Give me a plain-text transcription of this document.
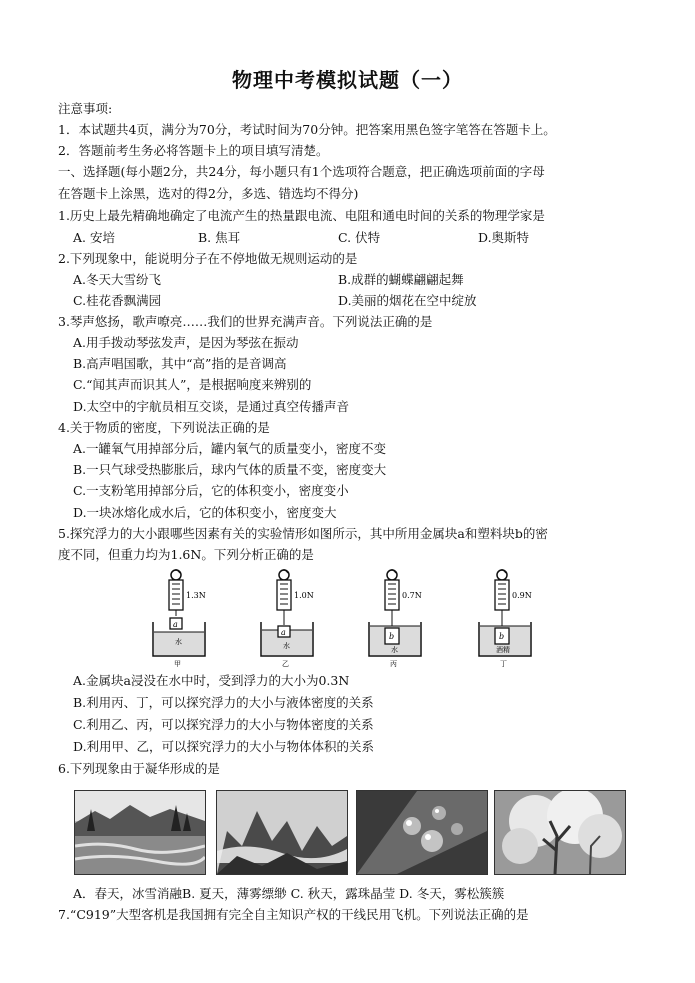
物理中考模拟试题（一）
注意事项:
1．本试题共4页，满分为70分，考试时间为70分钟。把答案用黑色签字笔答在答题卡上。
2．答题前考生务必将答题卡上的项目填写清楚。
一、选择题(每小题2分，共24分，每小题只有1个选项符合题意，把正确选项前面的字母
在答题卡上涂黑，选对的得2分，多选、错选均不得分)
1.历史上最先精确地确定了电流产生的热量跟电流、电阻和通电时间的关系的物理学家是
A. 安培	B. 焦耳	C. 伏特	D.奥斯特
2.下列现象中，能说明分子在不停地做无规则运动的是
A.冬天大雪纷飞	B.成群的蝴蝶翩翩起舞
C.桂花香飘满园	D.美丽的烟花在空中绽放
3.琴声悠扬，歌声嘹亮……我们的世界充满声音。下列说法正确的是
A.用手拨动琴弦发声，是因为琴弦在振动
B.高声唱国歌，其中“高”指的是音调高
C.“闻其声而识其人”，是根据响度来辨别的
D.太空中的宇航员相互交谈，是通过真空传播声音
4.关于物质的密度，下列说法正确的是
A.一罐氧气用掉部分后，罐内氧气的质量变小，密度不变
B.一只气球受热膨胀后，球内气体的质量不变，密度变大
C.一支粉笔用掉部分后，它的体积变小，密度变小
D.一块冰熔化成水后，它的体积变小，密度变大
5.探究浮力的大小跟哪些因素有关的实验情形如图所示，其中所用金属块a和塑料块b的密
度不同，但重力均为1.6N。下列分析正确的是
a
水
1.3N
甲
a
水
1.0N
乙
b
水
0.7N
丙
b
酒精
0.9N
丁
A.金属块a浸没在水中时，受到浮力的大小为0.3N
B.利用丙、丁，可以探究浮力的大小与液体密度的关系
C.利用乙、丙，可以探究浮力的大小与物体密度的关系
D.利用甲、乙，可以探究浮力的大小与物体体积的关系
6.下列现象由于凝华形成的是
A．春天，冰雪消融B. 夏天，薄雾缥缈 C. 秋天，露珠晶莹 D. 冬天，雾松簇簇
7.“C919”大型客机是我国拥有完全自主知识产权的干线民用飞机。下列说法正确的是
